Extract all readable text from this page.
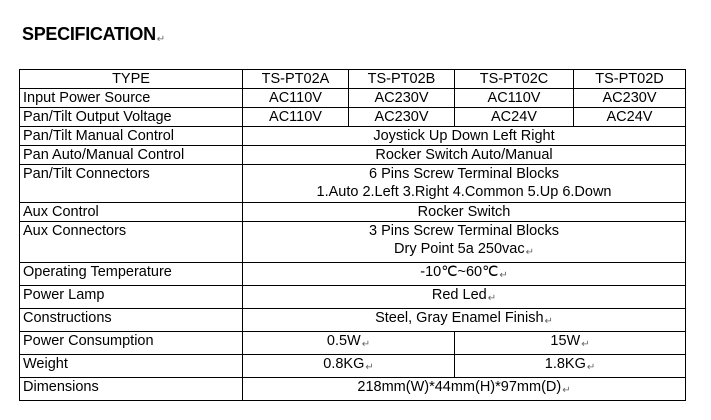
SPECIFICATION↵
TYPE	TS-PT02A	TS-PT02B	TS-PT02C	TS-PT02D
Input Power Source	AC110V	AC230V	AC110V	AC230V
Pan/Tilt Output Voltage	AC110V	AC230V	AC24V	AC24V
Pan/Tilt Manual Control	Joystick Up Down Left Right			
Pan Auto/Manual Control	Rocker Switch Auto/Manual			
Pan/Tilt Connectors	6 Pins Screw Terminal Blocks
1.Auto 2.Left 3.Right 4.Common 5.Up 6.Down			

Aux Control	Rocker Switch			
Aux Connectors	3 Pins Screw Terminal Blocks
Dry Point 5a 250vac↵			

Operating Temperature	-10℃~60℃↵			
Power Lamp	Red Led↵			
Constructions	Steel, Gray Enamel Finish↵			
Power Consumption	0.5W↵		15W↵	
Weight	0.8KG↵		1.8KG↵	
Dimensions	218mm(W)*44mm(H)*97mm(D)↵			
